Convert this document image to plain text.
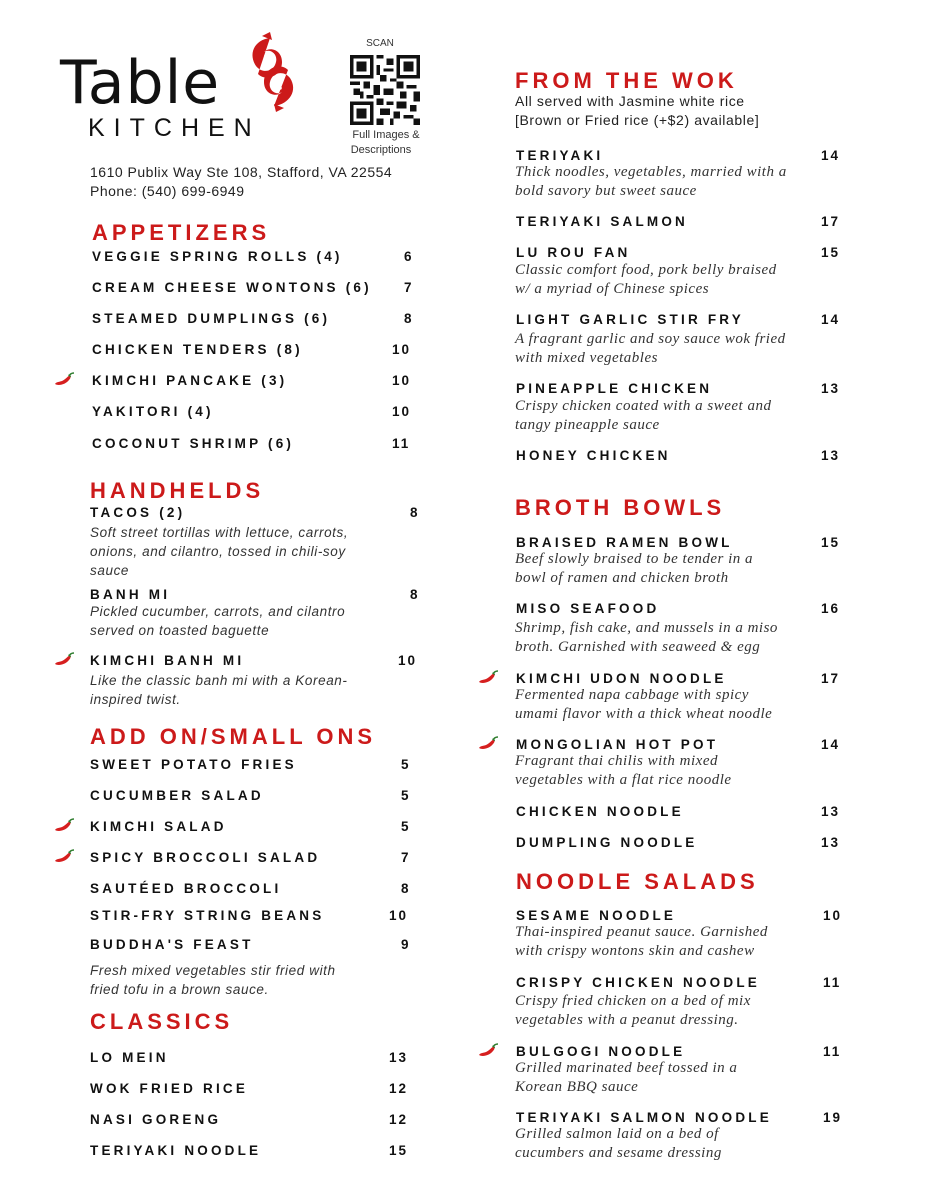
Table
KITCHEN
SCAN
Full Images &
Descriptions
1610 Publix Way Ste 108, Stafford, VA 22554
Phone: (540) 699-6949
APPETIZERS
VEGGIE SPRING ROLLS (4)	6
CREAM CHEESE WONTONS (6) 7
STEAMED DUMPLINGS (6)	8
CHICKEN TENDERS (8)	10
KIMCHI PANCAKE (3)	10
YAKITORI (4)	10
COCONUT SHRIMP (6)	11
HANDHELDS
TACOS (2)	8
Soft street tortillas with lettuce, carrots,
onions, and cilantro, tossed in chili-soy
sauce
BANH MI	8
Pickled cucumber, carrots, and cilantro
served on toasted baguette
KIMCHI BANH MI	10
Like the classic banh mi with a Korean-
inspired twist.
ADD ON/SMALL ONS
SWEET POTATO FRIES	5
CUCUMBER SALAD	5
KIMCHI SALAD	5
SPICY BROCCOLI SALAD	7
SAUTÉED BROCCOLI	8
STIR-FRY STRING BEANS	10
BUDDHA'S FEAST	9
Fresh mixed vegetables stir fried with
fried tofu in a brown sauce.
CLASSICS
LO MEIN	13
WOK FRIED RICE	12
NASI GORENG	12
TERIYAKI NOODLE	15
FROM THE WOK
All served with Jasmine white rice
[Brown or Fried rice (+$2) available]
TERIYAKI	14
Thick noodles, vegetables, married with a
bold savory but sweet sauce
TERIYAKI SALMON	17
LU ROU FAN	15
Classic comfort food, pork belly braised
w/ a myriad of Chinese spices
LIGHT GARLIC STIR FRY	14
A fragrant garlic and soy sauce wok fried
with mixed vegetables
PINEAPPLE CHICKEN	13
Crispy chicken coated with a sweet and
tangy pineapple sauce
HONEY CHICKEN	13
BROTH BOWLS
BRAISED RAMEN BOWL	15
Beef slowly braised to be tender in a
bowl of ramen and chicken broth
MISO SEAFOOD	16
Shrimp, fish cake, and mussels in a miso
broth. Garnished with seaweed & egg
KIMCHI UDON NOODLE	17
Fermented napa cabbage with spicy
umami flavor with a thick wheat noodle
MONGOLIAN HOT POT	14
Fragrant thai chilis with mixed
vegetables with a flat rice noodle
CHICKEN NOODLE	13
DUMPLING NOODLE	13
NOODLE SALADS
SESAME NOODLE	10
Thai-inspired peanut sauce. Garnished
with crispy wontons skin and cashew
CRISPY CHICKEN NOODLE	11
Crispy fried chicken on a bed of mix
vegetables with a peanut dressing.
BULGOGI NOODLE	11
Grilled marinated beef tossed in a
Korean BBQ sauce
TERIYAKI SALMON NOODLE	19
Grilled salmon laid on a bed of
cucumbers and sesame dressing
